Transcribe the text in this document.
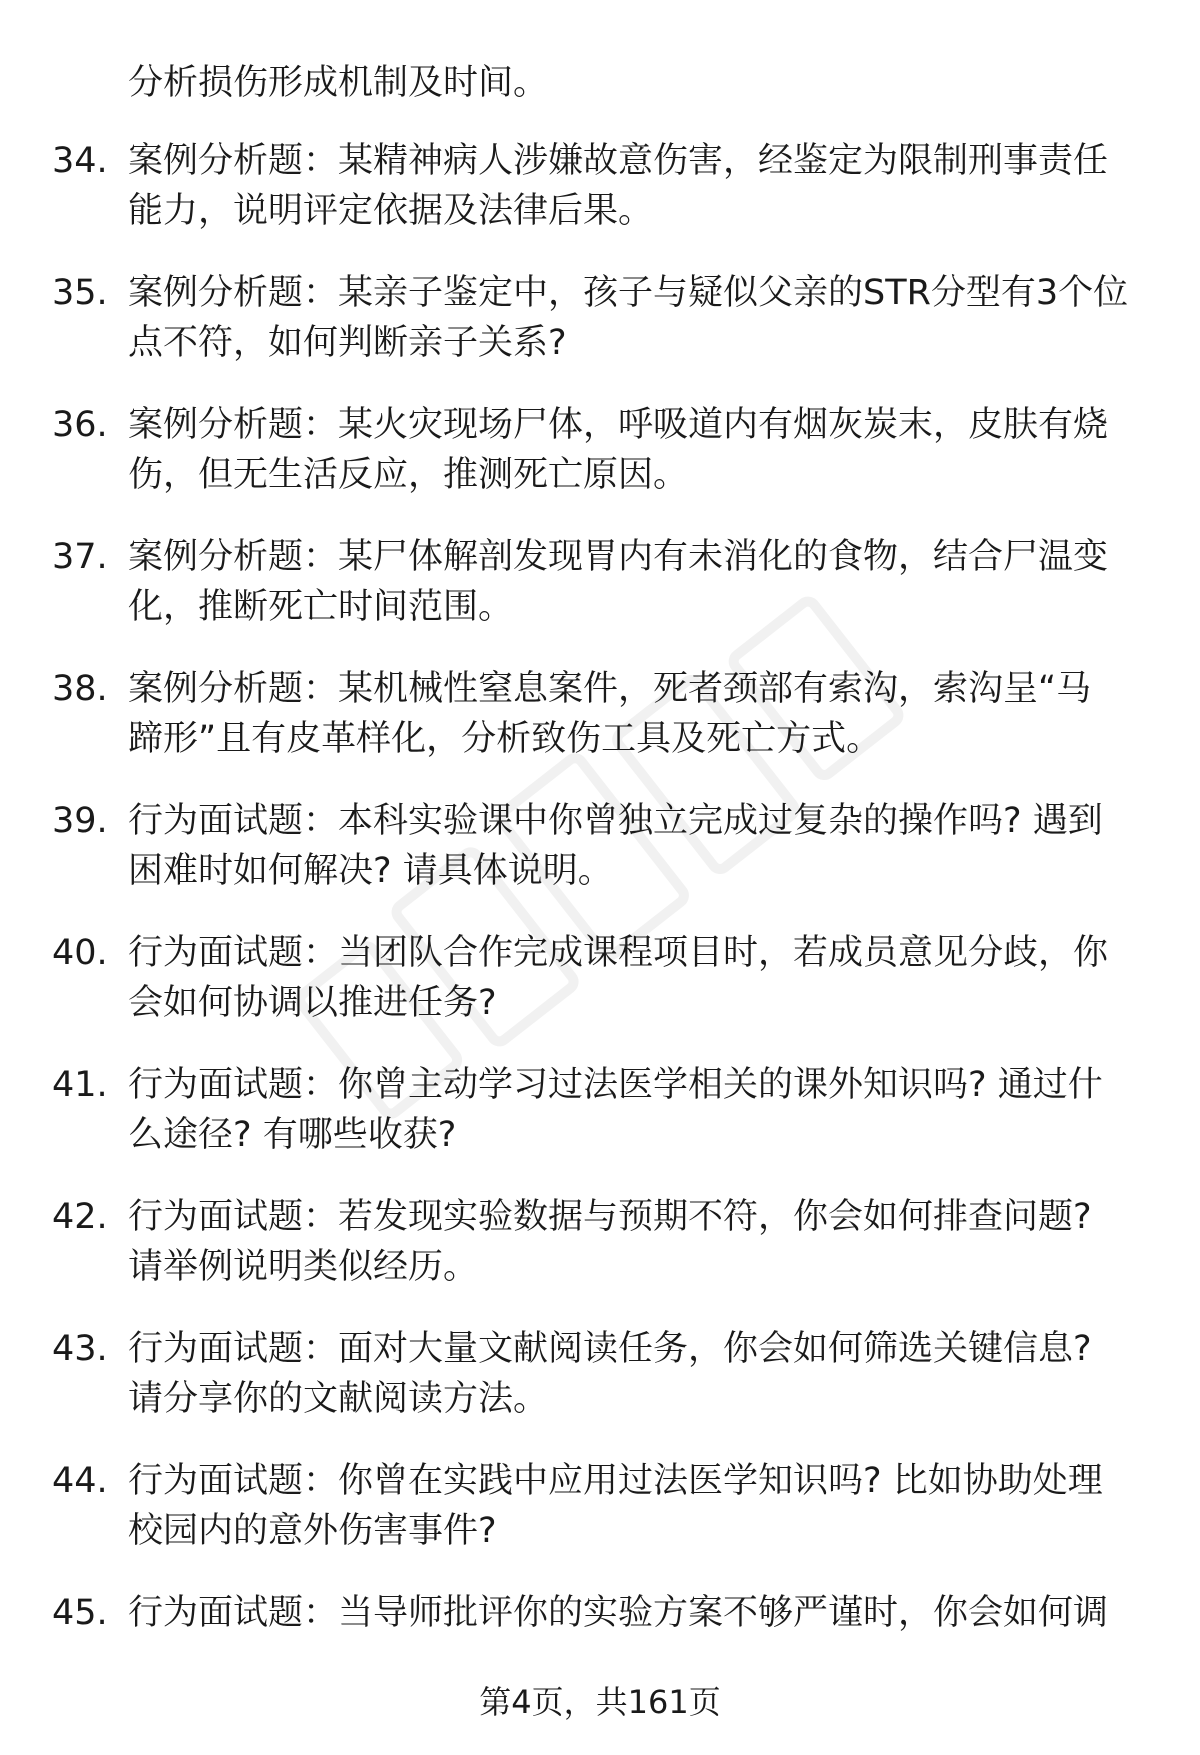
分析损伤形成机制及时间。
34. 案例分析题：某精神病人涉嫌故意伤害，经鉴定为限制刑事责任
能力，说明评定依据及法律后果。
35. 案例分析题：某亲子鉴定中，孩子与疑似父亲的STR分型有3个位
点不符，如何判断亲子关系?
36. 案例分析题：某火灾现场尸体，呼吸道内有烟灰炭末，皮肤有烧
伤，但无生活反应，推测死亡原因。
37. 案例分析题：某尸体解剖发现胃内有未消化的食物，结合尸温变
化，推断死亡时间范围。
38. 案例分析题：某机械性窒息案件，死者颈部有索沟，索沟呈“马
蹄形”且有皮革样化，分析致伤工具及死亡方式。
39. 行为面试题：本科实验课中你曾独立完成过复杂的操作吗? 遇到
困难时如何解决? 请具体说明。
40. 行为面试题：当团队合作完成课程项目时，若成员意见分歧，你
会如何协调以推进任务?
41. 行为面试题：你曾主动学习过法医学相关的课外知识吗? 通过什
么途径? 有哪些收获?
42. 行为面试题：若发现实验数据与预期不符，你会如何排查问题?
请举例说明类似经历。
43. 行为面试题：面对大量文献阅读任务，你会如何筛选关键信息?
请分享你的文献阅读方法。
44. 行为面试题：你曾在实践中应用过法医学知识吗? 比如协助处理
校园内的意外伤害事件?
45. 行为面试题：当导师批评你的实验方案不够严谨时，你会如何调
第4页，共161页
